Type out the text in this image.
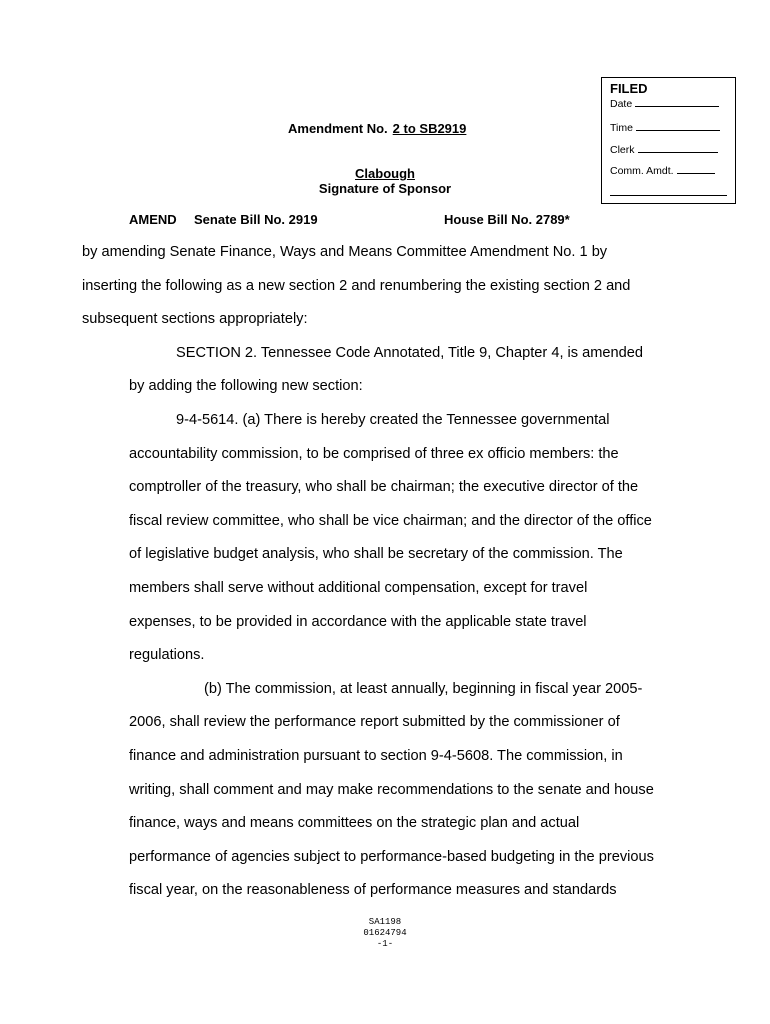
FILED
Date
Time
Clerk
Comm. Amdt.
Amendment No. 2 to SB2919
Clabough
Signature of Sponsor
AMEND Senate Bill No. 2919	House Bill No. 2789*
by amending Senate Finance, Ways and Means Committee Amendment No. 1 by
inserting the following as a new section 2 and renumbering the existing section 2 and
subsequent sections appropriately:
SECTION 2. Tennessee Code Annotated, Title 9, Chapter 4, is amended
by adding the following new section:
9-4-5614. (a) There is hereby created the Tennessee governmental
accountability commission, to be comprised of three ex officio members: the
comptroller of the treasury, who shall be chairman; the executive director of the
fiscal review committee, who shall be vice chairman; and the director of the office
of legislative budget analysis, who shall be secretary of the commission. The
members shall serve without additional compensation, except for travel
expenses, to be provided in accordance with the applicable state travel
regulations.
(b) The commission, at least annually, beginning in fiscal year 2005-
2006, shall review the performance report submitted by the commissioner of
finance and administration pursuant to section 9-4-5608. The commission, in
writing, shall comment and may make recommendations to the senate and house
finance, ways and means committees on the strategic plan and actual
performance of agencies subject to performance-based budgeting in the previous
fiscal year, on the reasonableness of performance measures and standards
SA1198
01624794
-1-
